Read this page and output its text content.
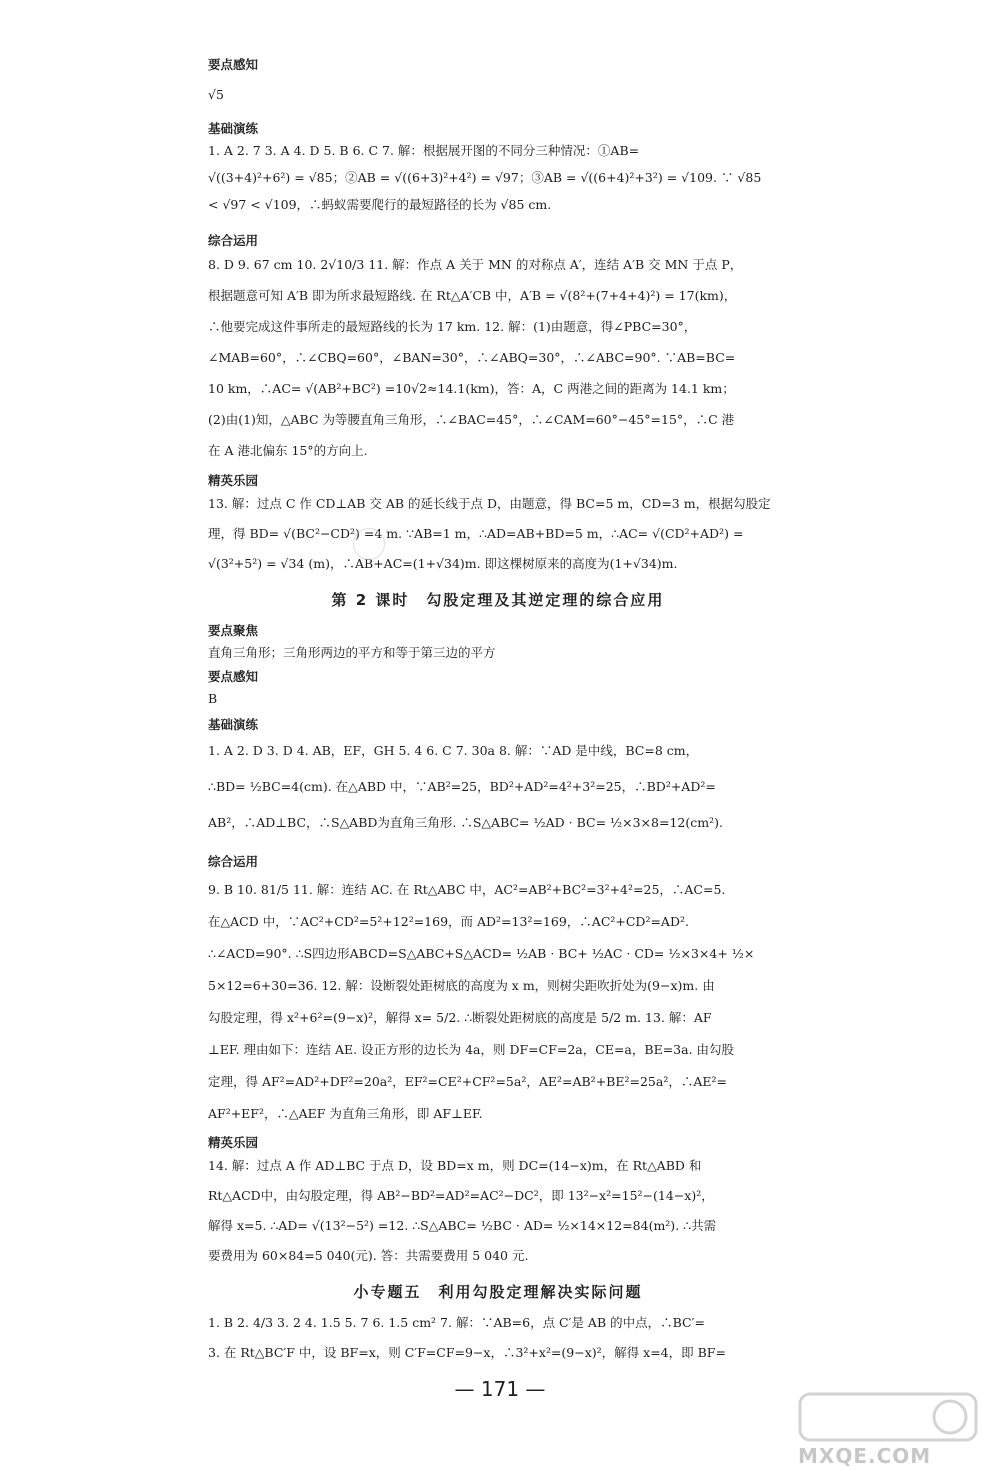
要点感知

√5

基础演练

1. A 2. 7 3. A 4. D 5. B 6. C 7. 解：根据展开图的不同分三种情况：①AB=
√((3+4)²+6²) = √85；②AB = √((6+3)²+4²) = √97；③AB = √((6+4)²+3²) = √109. ∵ √85
< √97 < √109，∴蚂蚁需要爬行的最短路径的长为 √85 cm.

综合运用

8. D 9. 67 cm 10. 2√10/3 11. 解：作点 A 关于 MN 的对称点 A′，连结 A′B 交 MN 于点 P，
根据题意可知 A′B 即为所求最短路线. 在 Rt△A′CB 中，A′B = √(8²+(7+4+4)²) = 17(km)，
∴他要完成这件事所走的最短路线的长为 17 km. 12. 解：(1)由题意，得∠PBC=30°，
∠MAB=60°，∴∠CBQ=60°，∠BAN=30°，∴∠ABQ=30°，∴∠ABC=90°. ∵AB=BC=
10 km，∴AC= √(AB²+BC²) =10√2≈14.1(km)，答：A，C 两港之间的距离为 14.1 km；
(2)由(1)知，△ABC 为等腰直角三角形，∴∠BAC=45°，∴∠CAM=60°−45°=15°，∴C 港
在 A 港北偏东 15°的方向上.

精英乐园

13. 解：过点 C 作 CD⊥AB 交 AB 的延长线于点 D，由题意，得 BC=5 m，CD=3 m，根据勾股定
理，得 BD= √(BC²−CD²) =4 m. ∵AB=1 m，∴AD=AB+BD=5 m，∴AC= √(CD²+AD²) =
√(3²+5²) = √34 (m)，∴AB+AC=(1+√34)m. 即这棵树原来的高度为(1+√34)m.

第 2 课时　勾股定理及其逆定理的综合应用

要点聚焦

直角三角形；三角形两边的平方和等于第三边的平方

要点感知

B

基础演练

1. A 2. D 3. D 4. AB，EF，GH 5. 4 6. C 7. 30a 8. 解：∵AD 是中线，BC=8 cm，
∴BD= ½BC=4(cm). 在△ABD 中，∵AB²=25，BD²+AD²=4²+3²=25，∴BD²+AD²=
AB²，∴AD⊥BC，∴S△ABD为直角三角形. ∴S△ABC= ½AD · BC= ½×3×8=12(cm²).

综合运用

9. B 10. 81/5 11. 解：连结 AC. 在 Rt△ABC 中，AC²=AB²+BC²=3²+4²=25，∴AC=5.
在△ACD 中，∵AC²+CD²=5²+12²=169，而 AD²=13²=169，∴AC²+CD²=AD².
∴∠ACD=90°. ∴S四边形ABCD=S△ABC+S△ACD= ½AB · BC+ ½AC · CD= ½×3×4+ ½×
5×12=6+30=36. 12. 解：设断裂处距树底的高度为 x m，则树尖距吹折处为(9−x)m. 由
勾股定理，得 x²+6²=(9−x)²，解得 x= 5/2. ∴断裂处距树底的高度是 5/2 m. 13. 解：AF
⊥EF. 理由如下：连结 AE. 设正方形的边长为 4a，则 DF=CF=2a，CE=a，BE=3a. 由勾股
定理，得 AF²=AD²+DF²=20a²，EF²=CE²+CF²=5a²，AE²=AB²+BE²=25a²，∴AE²=
AF²+EF²，∴△AEF 为直角三角形，即 AF⊥EF.

精英乐园

14. 解：过点 A 作 AD⊥BC 于点 D，设 BD=x m，则 DC=(14−x)m，在 Rt△ABD 和
Rt△ACD中，由勾股定理，得 AB²−BD²=AD²=AC²−DC²，即 13²−x²=15²−(14−x)²，
解得 x=5. ∴AD= √(13²−5²) =12. ∴S△ABC= ½BC · AD= ½×14×12=84(m²). ∴共需
要费用为 60×84=5 040(元). 答：共需要费用 5 040 元.

小专题五　利用勾股定理解决实际问题

1. B 2. 4/3 3. 2 4. 1.5 5. 7 6. 1.5 cm² 7. 解：∵AB=6，点 C′是 AB 的中点，∴BC′=
3. 在 Rt△BC′F 中，设 BF=x，则 C′F=CF=9−x，∴3²+x²=(9−x)²，解得 x=4，即 BF=

— 171 —
MXQE.COM
